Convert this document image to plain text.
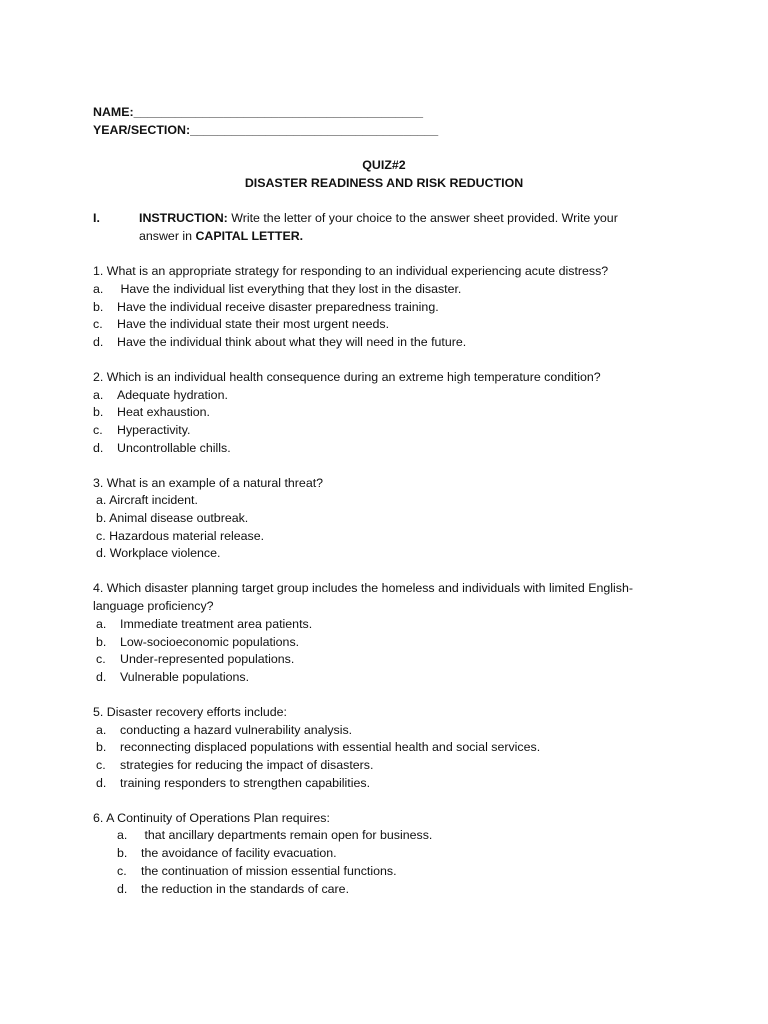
NAME:__________________________________________
YEAR/SECTION:____________________________________
QUIZ#2
DISASTER READINESS AND RISK REDUCTION
I.	INSTRUCTION: Write the letter of your choice to the answer sheet provided. Write your
answer in CAPITAL LETTER.
1. What is an appropriate strategy for responding to an individual experiencing acute distress?
a. Have the individual list everything that they lost in the disaster.
b. Have the individual receive disaster preparedness training.
c. Have the individual state their most urgent needs.
d. Have the individual think about what they will need in the future.
2. Which is an individual health consequence during an extreme high temperature condition?
a. Adequate hydration.
b. Heat exhaustion.
c. Hyperactivity.
d. Uncontrollable chills.
3. What is an example of a natural threat?
a. Aircraft incident.
b. Animal disease outbreak.
c. Hazardous material release.
d. Workplace violence.
4. Which disaster planning target group includes the homeless and individuals with limited English-
language proficiency?
a. Immediate treatment area patients.
b. Low-socioeconomic populations.
c. Under-represented populations.
d. Vulnerable populations.
5. Disaster recovery efforts include:
a. conducting a hazard vulnerability analysis.
b. reconnecting displaced populations with essential health and social services.
c. strategies for reducing the impact of disasters.
d. training responders to strengthen capabilities.
6. A Continuity of Operations Plan requires:
a. that ancillary departments remain open for business.
b. the avoidance of facility evacuation.
c. the continuation of mission essential functions.
d. the reduction in the standards of care.
